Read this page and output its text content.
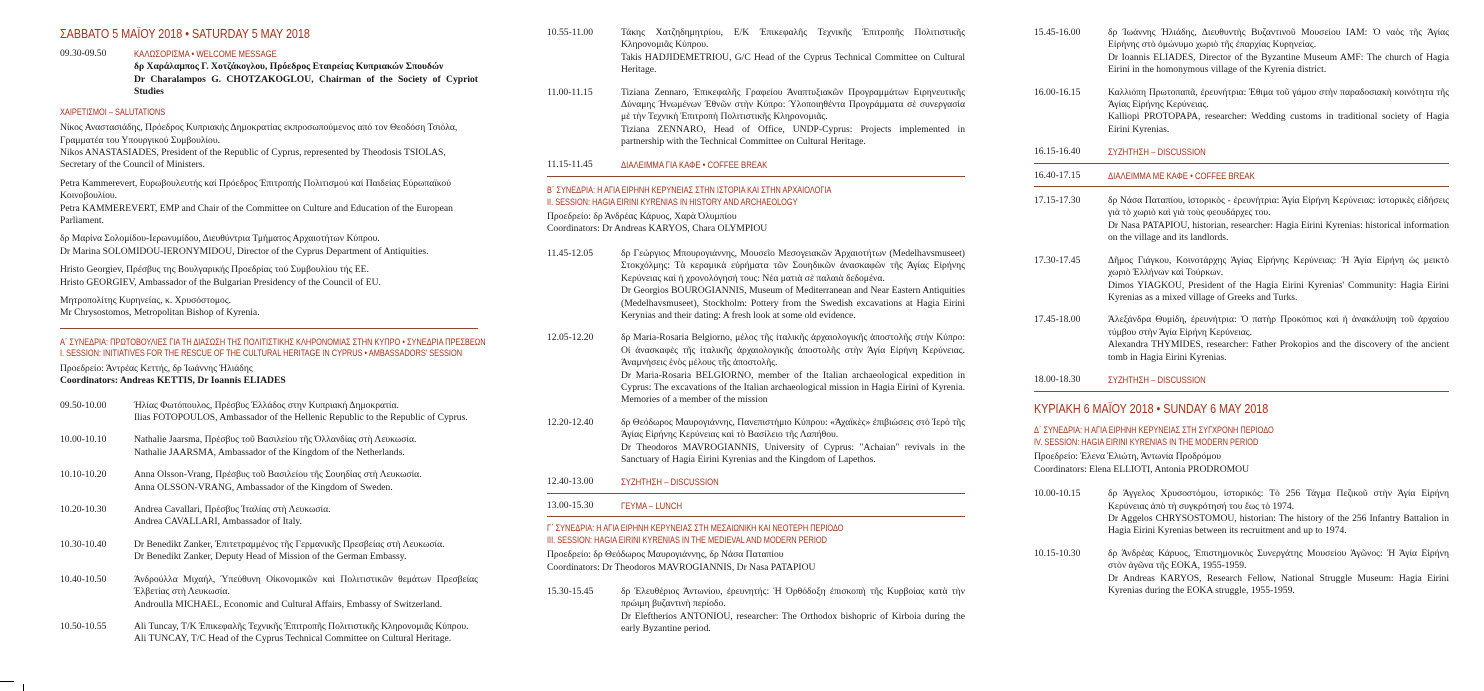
ΣΑΒΒΑΤΟ 5 ΜΑΪΟΥ 2018 • SATURDAY 5 MAY 2018
09.30-09.50	ΚΑΛΩΣΟΡΙΣΜΑ • WELCOME MESSAGE

δρ Χαράλαμπος Γ. Χοτζάκογλου, Πρόεδρος Εταιρείας Κυπριακών Σπουδών

Dr Charalampos G. CHOTZAKOGLOU, Chairman of the Society of Cypriot Studies

ΧΑΙΡΕΤΙΣΜΟΙ – SALUTATIONS

Νίκος Αναστασιάδης, Πρόεδρος Κυπριακής Δημοκρατίας εκπροσωπούμενος από τον Θεοδόση Τσιόλα, Γραμματέα του Υπουργικού Συμβουλίου.

Nikos ANASTASIADES, President of the Republic of Cyprus, represented by Theodosis TSIOLAS, Secretary of the Council of Ministers.

Petra Kammerevert, Ευρωβουλευτής καί Πρόεδρος Έπιτροπής Πολιτισμού καί Παιδείας Εύρωπαϊκού Κοινοβουλίου.

Petra KAMMEREVERT, EMP and Chair of the Committee on Culture and Education of the European Parliament.

δρ Μαρίνα Σολομίδου-Ιερωνυμίδου, Διευθύντρια Τμήματος Αρχαιοτήτων Κύπρου.

Dr Marina SOLOMIDOU-IERONYMIDOU, Director of the Cyprus Department of Antiquities.

Hristo Georgiev, Πρέσβυς της Βουλγαρικής Προεδρίας τού Συμβουλίου τής ΕΕ.

Hristo GEORGIEV, Ambassador of the Bulgarian Presidency of the Council of EU.

Μητροπολίτης Κυρηνείας, κ. Χρυσόστομος.

Mr Chrysostomos, Metropolitan Bishop of Kyrenia.

Α΄ ΣΥΝΕΔΡΙΑ: ΠΡΩΤΟΒΟΥΛΙΕΣ ΓΙΑ ΤΗ ΔΙΑΣΩΣΗ ΤΗΣ ΠΟΛΙΤΙΣΤΙΚΗΣ ΚΛΗΡΟΝΟΜΙΑΣ ΣΤΗΝ ΚΥΠΡΟ • ΣΥΝΕΔΡΙΑ ΠΡΕΣΒΕΩΝ
I. SESSION: INITIATIVES FOR THE RESCUE OF THE CULTURAL HERITAGE IN CYPRUS • AMBASSADORS' SESSION

Προεδρείο: Άντρέας Κεττής, δρ Ίωάννης Ήλιάδης

Coordinators: Andreas KETTIS, Dr Ioannis ELIADES

09.50-10.00	Ήλίας Φωτόπουλος, Πρέσβυς Έλλάδος στην Κυπριακή Δημοκρατία.

Ilias FOTOPOULOS, Ambassador of the Hellenic Republic to the Republic of Cyprus.

10.00-10.10	Nathalie Jaarsma, Πρέσβυς τοῦ Βασιλείου τῆς Όλλανδίας στὴ Λευκωσία.

Nathalie JAARSMA, Ambassador of the Kingdom of the Netherlands.

10.10-10.20	Anna Olsson-Vrang, Πρέσβυς τοῦ Βασιλείου τῆς Σουηδίας στὴ Λευκωσία.

Anna OLSSON-VRANG, Ambassador of the Kingdom of Sweden.

10.20-10.30	Andrea Cavallari, Πρέσβυς Ίταλίας στὴ Λευκωσία.

Andrea CAVALLARI, Ambassador of Italy.

10.30-10.40	Dr Benedikt Zanker, Έπιτετραμμένος τῆς Γερμανικῆς Πρεσβείας στὴ Λευκωσία.

Dr Benedikt Zanker, Deputy Head of Mission of the German Embassy.

10.40-10.50	Άνδρούλλα Μιχαήλ, Ύπεύθυνη Οἰκονομικῶν καὶ Πολιτιστικῶν θεμάτων Πρεσβείας Έλβετίας στὴ Λευκωσία.

Androulla MICHAEL, Economic and Cultural Affairs, Embassy of Switzerland.

10.50-10.55	Ali Tuncay, Τ/Κ Έπικεφαλῆς Τεχνικῆς Έπιτροπῆς Πολιτιστικῆς Κληρονομιᾶς Κύπρου.

Ali TUNCAY, T/C Head of the Cyprus Technical Committee on Cultural Heritage.

10.55-11.00	Τάκης Χατζηδημητρίου, Ε/Κ Έπικεφαλῆς Τεχνικῆς Έπιτροπῆς Πολιτιστικῆς Κληρονομιᾶς Κύπρου.

Takis HADJIDEMETRIOU, G/C Head of the Cyprus Technical Committee on Cultural Heritage.

11.00-11.15	Tiziana Zennaro, Έπικεφαλῆς Γραφείου Άναπτυξιακῶν Προγραμμάτων Ειρηνευτικῆς Δύναμης Ήνωμένων Έθνῶν στὴν Κύπρο: Ύλοποιηθέντα Προγράμματα σὲ συνεργασία μὲ τὴν Τεχνικὴ Έπιτροπὴ Πολιτιστικῆς Κληρονομιᾶς.

Tiziana ZENNARO, Head of Office, UNDP-Cyprus: Projects implemented in partnership with the Technical Committee on Cultural Heritage.

11.15-11.45	ΔΙΑΛΕΙΜΜΑ ΓΙΑ ΚΑΦΕ • COFFEE BREAK
Β΄ ΣΥΝΕΔΡΙΑ: Η ΑΓΙΑ ΕΙΡΗΝΗ ΚΕΡΥΝΕΙΑΣ ΣΤΗΝ ΙΣΤΟΡΙΑ ΚΑΙ ΣΤΗΝ ΑΡΧΑΙΟΛΟΓΙΑ
II. SESSION: HAGIA EIRINI KYRENIAS IN HISTORY AND ARCHAEOLOGY

Προεδρείο: δρ Άνδρέας Κάρυος, Χαρὰ Όλυμπίου

Coordinators: Dr Andreas KARYOS, Chara OLYMPIOU

11.45-12.05	δρ Γεώργιος Μπουρογιάννης, Μουσεῖο Μεσογειακῶν Άρχαιοτήτων (Medelhavsmuseet) Στοκχόλμης: Τὰ κεραμικὰ εὑρήματα τῶν Σουηδικῶν ἀνασκαφῶν τῆς Άγίας Εἰρήνης Κερύνειας καὶ ἡ χρονολόγησή τους: Νέα ματιὰ σὲ παλαιὰ δεδομένα.

Dr Georgios BOUROGIANNIS, Museum of Mediterranean and Near Eastern Antiquities (Medelhavsmuseet), Stockholm: Pottery from the Swedish excavations at Hagia Eirini Kerynias and their dating: A fresh look at some old evidence.

12.05-12.20	δρ Maria-Rosaria Belgiorno, μέλος τῆς ἰταλικῆς ἀρχαιολογικῆς ἀποστολῆς στὴν Κύπρο: Οἱ ἀνασκαφὲς τῆς ἰταλικῆς ἀρχαιολογικῆς ἀποστολῆς στὴν Άγία Εἰρήνη Κερύνειας. Άναμνήσεις ἑνὸς μέλους τῆς ἀποστολῆς.

Dr Maria-Rosaria BELGIORNO, member of the Italian archaeological expedition in Cyprus: The excavations of the Italian archaeological mission in Hagia Eirini of Kyrenia. Memories of a member of the mission

12.20-12.40	δρ Θεόδωρος Μαυρογιάννης, Πανεπιστήμιο Κύπρου: «Άχαϊκὲς» ἐπιβιώσεις στὸ Ίερὸ τῆς Άγίας Εἰρήνης Κερύνειας καὶ τὸ Βασίλειο τῆς Λαπήθου.

Dr Theodoros MAVROGIANNIS, University of Cyprus: "Achaian" revivals in the Sanctuary of Hagia Eirini Kyrenias and the Kingdom of Lapethos.

12.40-13.00	ΣΥΖΗΤΗΣΗ – DISCUSSION
13.00-15.30	ΓΕΥΜΑ – LUNCH
Γ΄ ΣΥΝΕΔΡΙΑ: Η ΑΓΙΑ ΕΙΡΗΝΗ ΚΕΡΥΝΕΙΑΣ ΣΤΗ ΜΕΣΑΙΩΝΙΚΗ ΚΑΙ ΝΕΟΤΕΡΗ ΠΕΡΙΟΔΟ
III. SESSION: HAGIA EIRINI KYRENIAS IN THE MEDIEVAL AND MODERN PERIOD

Προεδρείο: δρ Θεόδωρος Μαυρογιάννης, δρ Νάσα Παταπίου

Coordinators: Dr Theodoros MAVROGIANNIS, Dr Nasa PATAPIOU

15.30-15.45	δρ Έλευθέριος Άντωνίου, ἐρευνητής: Ἡ Όρθόδοξη ἐπισκοπὴ τῆς Κυρβοίας κατὰ τὴν πρώιμη βυζαντινὴ περίοδο.

Dr Eleftherios ANTONIOU, researcher: The Orthodox bishopric of Kirboia during the early Byzantine period.

15.45-16.00	δρ Ίωάννης Ήλιάδης, Διευθυντὴς Βυζαντινοῦ Μουσείου ΙΑΜ: Ὁ ναὸς τῆς Άγίας Εἰρήνης στὸ ὁμώνυμο χωριὸ τῆς ἐπαρχίας Κυρηνείας.

Dr Ioannis ELIADES, Director of the Byzantine Museum AMF: The church of Hagia Eirini in the homonymous village of the Kyrenia district.

16.00-16.15	Καλλιόπη Πρωτοπαπᾶ, ἐρευνήτρια: Έθιμα τοῦ γάμου στὴν παραδοσιακὴ κοινότητα τῆς Άγίας Εἰρήνης Κερύνειας.

Kalliopi PROTOPAPA, researcher: Wedding customs in traditional society of Hagia Eirini Kyrenias.

16.15-16.40	ΣΥΖΗΤΗΣΗ – DISCUSSION
16.40-17.15	ΔΙΑΛΕΙΜΜΑ ΜΕ ΚΑΦΕ • COFFEE BREAK
17.15-17.30	δρ Νάσα Παταπίου, ἱστορικὸς - ἐρευνήτρια: Άγία Εἰρήνη Κερύνειας: ἱστορικὲς εἰδήσεις γιὰ τὸ χωριὸ καὶ γιὰ τοὺς φεουδάρχες του.

Dr Nasa PATAPIOU, historian, researcher: Hagia Eirini Kyrenias: historical information on the village and its landlords.

17.30-17.45	Δῆμος Γιάγκου, Κοινοτάρχης Άγίας Εἰρήνης Κερύνειας: Ἡ Άγία Εἰρήνη ὡς μεικτὸ χωριὸ Έλλήνων καὶ Τούρκων.

Dimos YIAGKOU, President of the Hagia Eirini Kyrenias' Community: Hagia Eirini Kyrenias as a mixed village of Greeks and Turks.

17.45-18.00	Άλεξάνδρα Θυμίδη, ἐρευνήτρια: Ὁ πατὴρ Προκόπιος καὶ ἡ ἀνακάλυψη τοῦ ἀρχαίου τύμβου στὴν Άγία Εἰρήνη Κερύνειας.

Alexandra THYMIDES, researcher: Father Prokopios and the discovery of the ancient tomb in Hagia Eirini Kyrenias.

18.00-18.30	ΣΥΖΗΤΗΣΗ – DISCUSSION
ΚΥΡΙΑΚΗ 6 ΜΑΪΟΥ 2018 • SUNDAY 6 MAY 2018
Δ΄ ΣΥΝΕΔΡΙΑ: Η ΑΓΙΑ ΕΙΡΗΝΗ ΚΕΡΥΝΕΙΑΣ ΣΤΗ ΣΥΓΧΡΟΝΗ ΠΕΡΙΟΔΟ
IV. SESSION: HAGIA EIRINI KYRENIAS IN THE MODERN PERIOD

Προεδρείο: Έλενα Έλιώτη, Άντωνία Προδρόμου

Coordinators: Elena ELLIOTI, Antonia PRODROMOU

10.00-10.15	δρ Άγγελος Χρυσοστόμου, ἱστορικός: Τὸ 256 Τάγμα Πεζικοῦ στὴν Άγία Εἰρήνη Κερύνειας ἀπὸ τὴ συγκρότησή του ἕως τὸ 1974.

Dr Aggelos CHRYSOSTOMOU, historian: The history of the 256 Infantry Battalion in Hagia Eirini Kyrenias between its recruitment and up to 1974.

10.15-10.30	δρ Άνδρέας Κάρυος, Έπιστημονικὸς Συνεργάτης Μουσείου Άγῶνος: Ἡ Άγία Εἰρήνη στὸν ἀγῶνα τῆς ΕΟΚΑ, 1955-1959.

Dr Andreas KARYOS, Research Fellow, National Struggle Museum: Hagia Eirini Kyrenias during the EOKA struggle, 1955-1959.
